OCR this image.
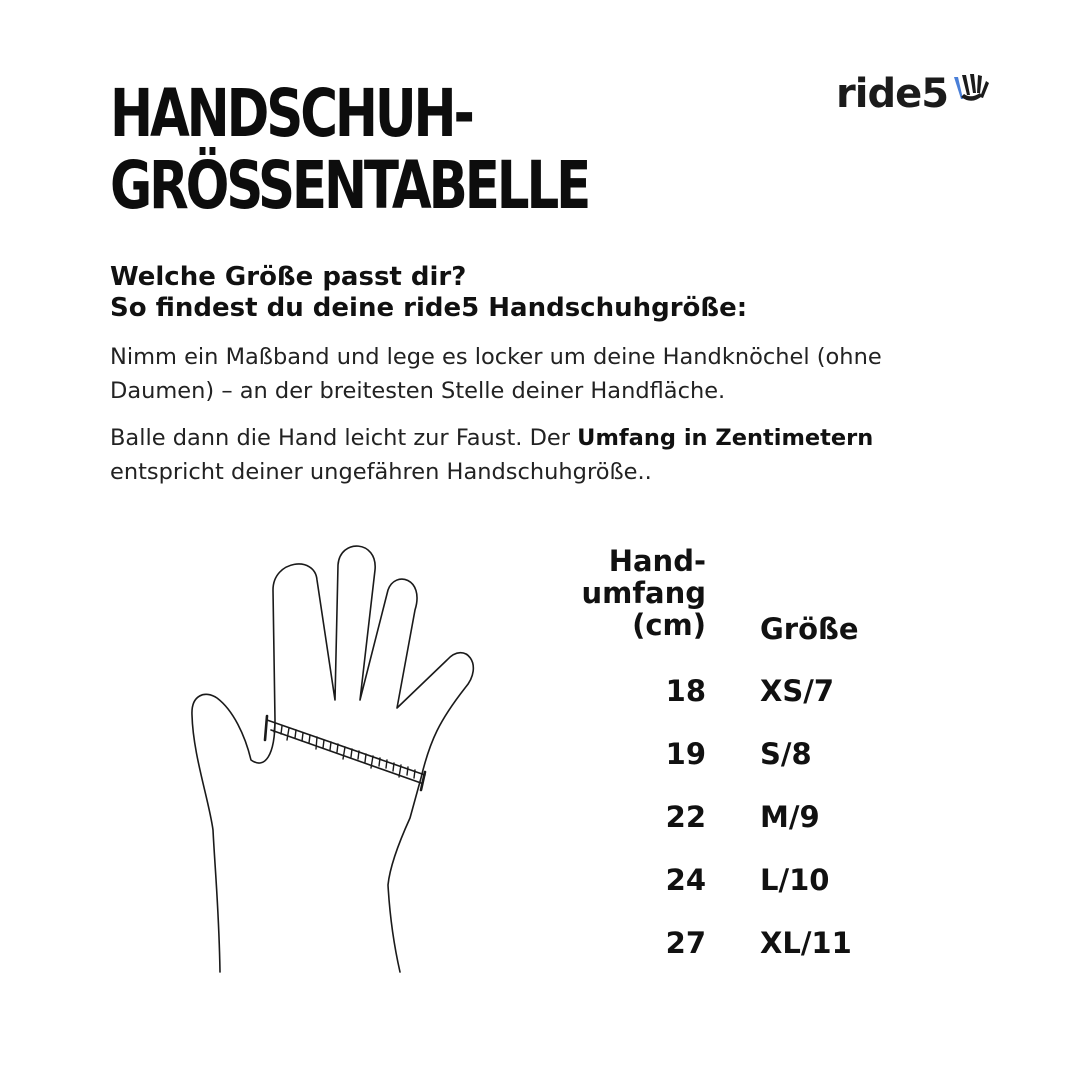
HANDSCHUH-
GRÖSSENTABELLE
ride5
Welche Größe passt dir?
So findest du deine ride5 Handschuhgröße:

Nimm ein Maßband und lege es locker um deine Handknöchel (ohne Daumen) – an der breitesten Stelle deiner Handfläche.

Balle dann die Hand leicht zur Faust. Der Umfang in Zentimetern entspricht deiner ungefähren Handschuhgröße..

Hand-
umfang
(cm) Größe
18 XS/7
19 S/8
22 M/9
24 L/10
27 XL/11
